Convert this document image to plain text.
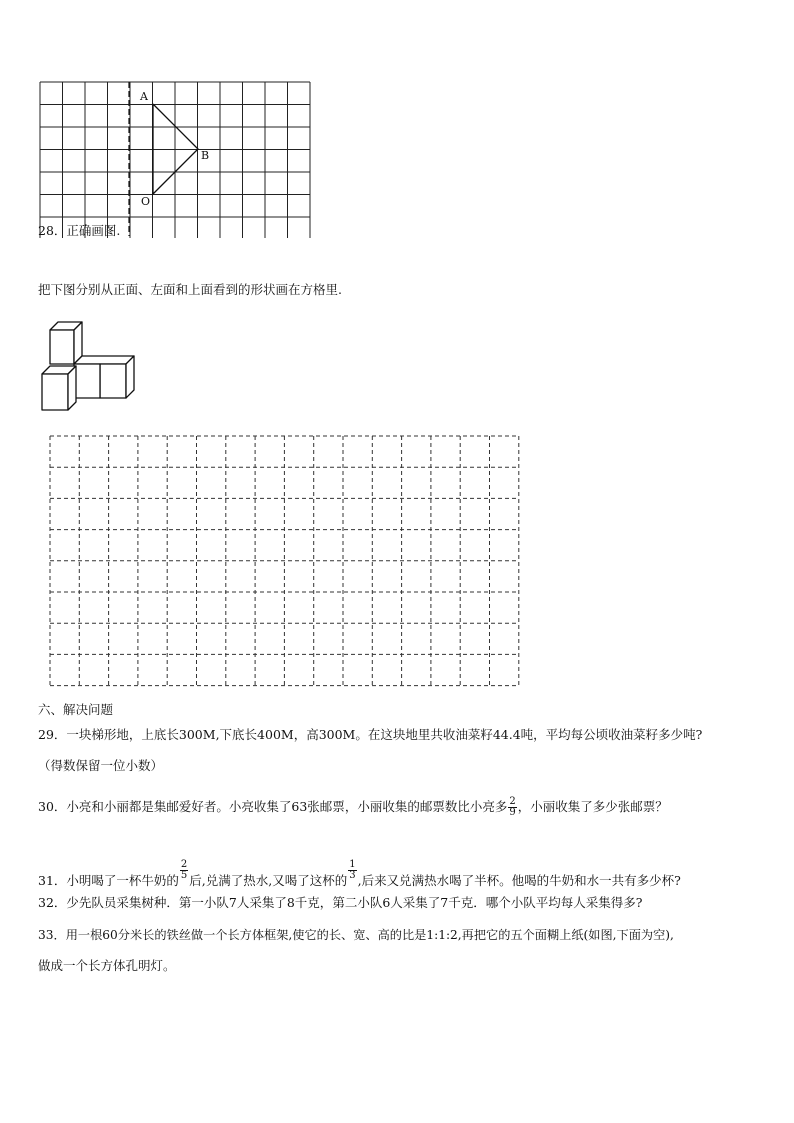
A
B
O
28．正确画图.
把下图分别从正面、左面和上面看到的形状画在方格里.
六、解决问题
29．一块梯形地，上底长300M,下底长400M，高300M。在这块地里共收油菜籽44.4吨，平均每公顷收油菜籽多少吨?
（得数保留一位小数）
30．小亮和小丽都是集邮爱好者。小亮收集了63张邮票，小丽收集的邮票数比小亮多 $\frac{2}{9}$ ，小丽收集了多少张邮票？
31．小明喝了一杯牛奶的 $\frac{2}{5}$ 后,兑满了热水,又喝了这杯的 $\frac{1}{3}$ ,后来又兑满热水喝了半杯。他喝的牛奶和水一共有多少杯?
32．少先队员采集树种．第一小队7人采集了8千克，第二小队6人采集了7千克．哪个小队平均每人采集得多?
33．用一根60分米长的铁丝做一个长方体框架,使它的长、宽、高的比是1:1:2,再把它的五个面糊上纸(如图,下面为空),
做成一个长方体孔明灯。
